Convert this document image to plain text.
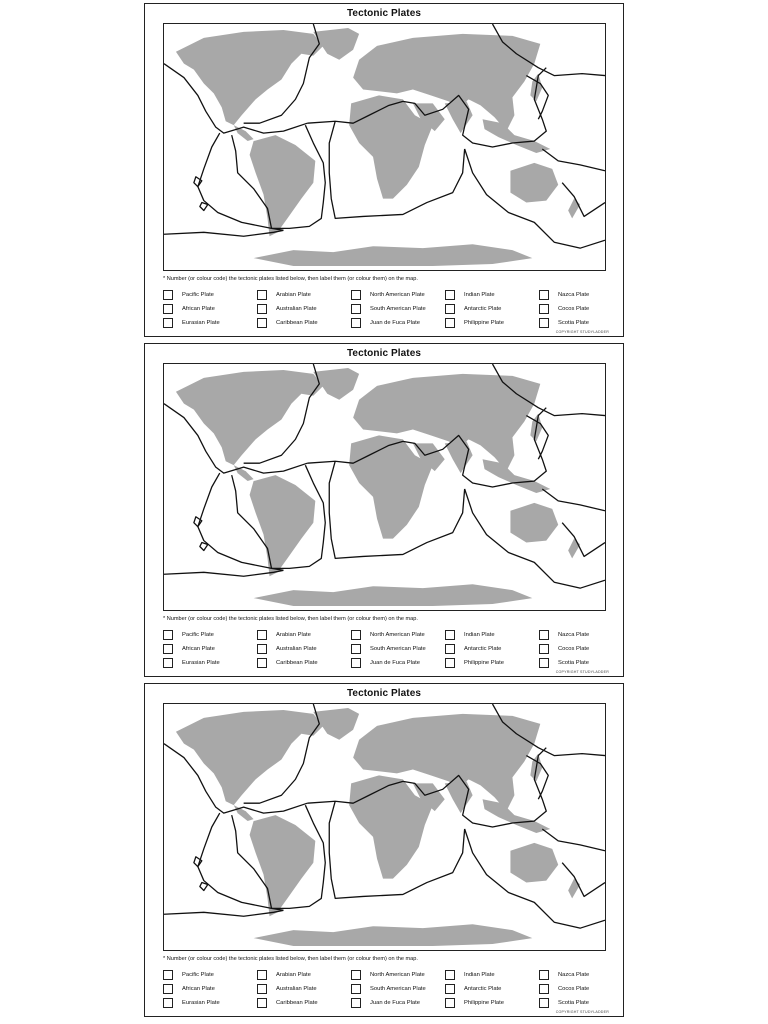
Tectonic Plates
* Number (or colour code) the tectonic plates listed below, then label them (or colour them) on the map.
Pacific Plate	Arabian Plate	North American Plate	Indian Plate	Nazca Plate
African Plate	Australian Plate	South American Plate	Antarctic Plate	Cocos Plate
Eurasian Plate	Caribbean Plate	Juan de Fuca Plate	Philippine Plate	Scotia Plate
COPYRIGHT STUDYLADDER
Tectonic Plates
* Number (or colour code) the tectonic plates listed below, then label them (or colour them) on the map.
Pacific Plate	Arabian Plate	North American Plate	Indian Plate	Nazca Plate
African Plate	Australian Plate	South American Plate	Antarctic Plate	Cocos Plate
Eurasian Plate	Caribbean Plate	Juan de Fuca Plate	Philippine Plate	Scotia Plate
COPYRIGHT STUDYLADDER
Tectonic Plates
* Number (or colour code) the tectonic plates listed below, then label them (or colour them) on the map.
Pacific Plate	Arabian Plate	North American Plate	Indian Plate	Nazca Plate
African Plate	Australian Plate	South American Plate	Antarctic Plate	Cocos Plate
Eurasian Plate	Caribbean Plate	Juan de Fuca Plate	Philippine Plate	Scotia Plate
COPYRIGHT STUDYLADDER
